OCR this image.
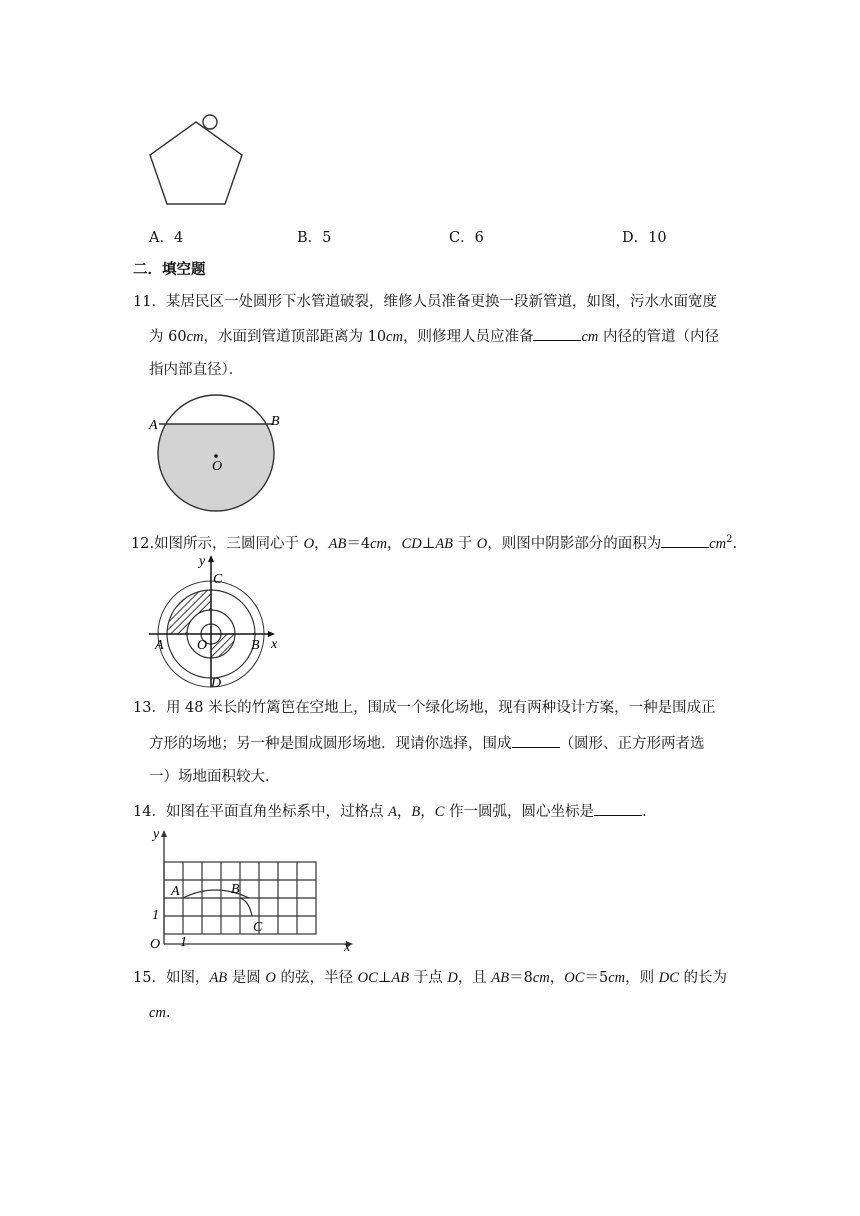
A．4	B．5	C．6	D．10
二．填空题
11．某居民区一处圆形下水管道破裂，维修人员准备更换一段新管道，如图，污水水面宽度
为 60cm，水面到管道顶部距离为 10cm，则修理人员应准备	cm 内径的管道（内径
指内部直径）．
A	B
O
12.如图所示，三圆同心于 O，AB＝4cm，CD⊥AB 于 O，则图中阴影部分的面积为	$cm^2$.
y
x
C
A O	B
D
13．用 48 米长的竹篱笆在空地上，围成一个绿化场地，现有两种设计方案，一种是围成正
方形的场地；另一种是围成圆形场地．现请你选择，围成	（圆形、正方形两者选
一）场地面积较大．
14．如图在平面直角坐标系中，过格点 A，B，C 作一圆弧，圆心坐标是	．
y
x
O 1
1
A	B
C
15．如图，AB 是圆 O 的弦，半径 OC⊥AB 于点 D，且 AB＝8cm，OC＝5cm，则 DC 的长为
cm.
